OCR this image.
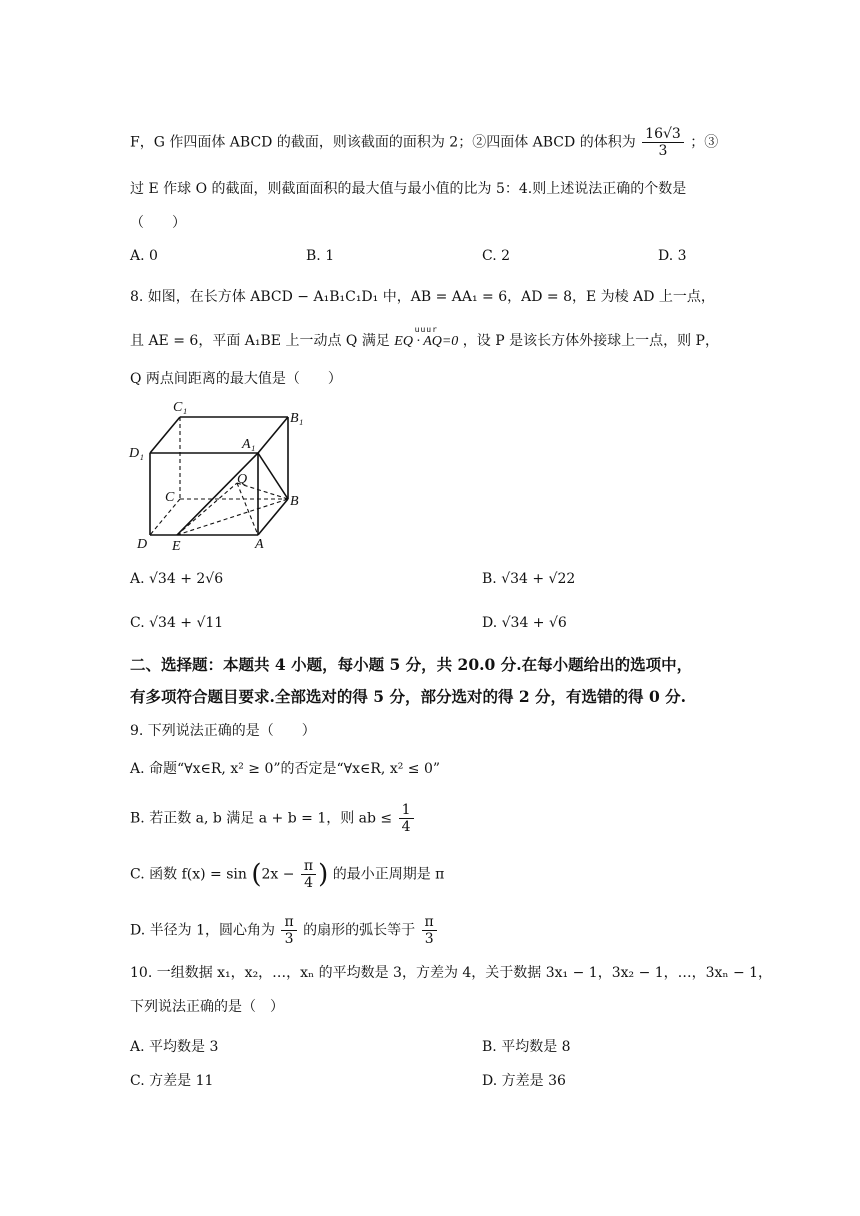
F，G 作四面体 ABCD 的截面，则该截面的面积为 2；②四面体 ABCD 的体积为 $\frac{16√3}{3}$ ；③
过 E 作球 O 的截面，则截面面积的最大值与最小值的比为 5：4.则上述说法正确的个数是
（　　）
A. 0	B. 1	C. 2	D. 3
8. 如图，在长方体 ABCD − A₁B₁C₁D₁ 中，AB = AA₁ = 6，AD = 8，E 为棱 AD 上一点，
且 AE = 6，平面 A₁BE 上一动点 Q 满足
uuur
EQ · AQ=0 ，设 P 是该长方体外接球上一点，则 P，
Q 两点间距离的最大值是（　　）
C₁
B₁
D₁
A₁
Q
C	B
D E	A
A. √34 + 2√6	B. √34 + √22
C. √34 + √11	D. √34 + √6
二、选择题：本题共 4 小题，每小题 5 分，共 20.0 分.在每小题给出的选项中，
有多项符合题目要求.全部选对的得 5 分，部分选对的得 2 分，有选错的得 0 分.
9. 下列说法正确的是（　　）
A. 命题“∀x∈R, x² ≥ 0”的否定是“∀x∈R, x² ≤ 0”
B. 若正数 a, b 满足 a + b = 1，则 ab ≤ $\frac{1}{4}$
C. 函数 $f(x) = \sin (2x - \frac{\pi}{4}$ ) 的最小正周期是 π
D. 半径为 1，圆心角为 $\frac{\pi}{3}$ 的扇形的弧长等于 $\frac{\pi}{3}$
10. 一组数据 x₁，x₂，…，xₙ 的平均数是 3，方差为 4，关于数据 3x₁ − 1，3x₂ − 1，…，3xₙ − 1，
下列说法正确的是（　）
A. 平均数是 3	B. 平均数是 8
C. 方差是 11	D. 方差是 36
